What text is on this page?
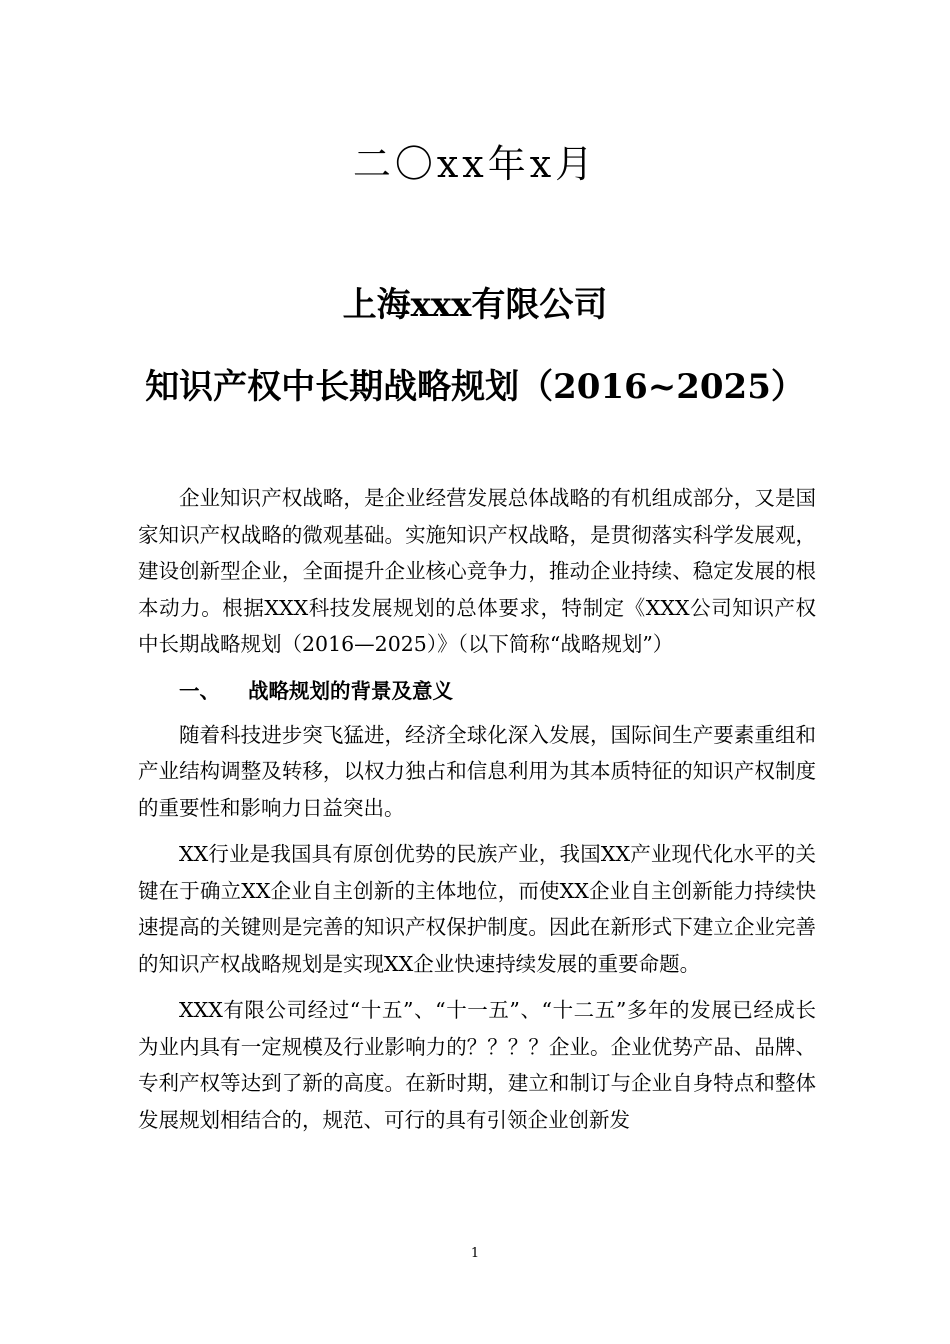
二〇xx年x月
上海xxx有限公司
知识产权中长期战略规划（2016~2025）

企业知识产权战略，是企业经营发展总体战略的有机组成部分，又是国家知识产权战略的微观基础。实施知识产权战略，是贯彻落实科学发展观，建设创新型企业，全面提升企业核心竞争力，推动企业持续、稳定发展的根本动力。根据XXX科技发展规划的总体要求，特制定《XXX公司知识产权中长期战略规划（2016—2025）》（以下简称“战略规划”）

一、 战略规划的背景及意义

随着科技进步突飞猛进，经济全球化深入发展，国际间生产要素重组和产业结构调整及转移，以权力独占和信息利用为其本质特征的知识产权制度的重要性和影响力日益突出。

XX行业是我国具有原创优势的民族产业，我国XX产业现代化水平的关键在于确立XX企业自主创新的主体地位，而使XX企业自主创新能力持续快速提高的关键则是完善的知识产权保护制度。因此在新形式下建立企业完善的知识产权战略规划是实现XX企业快速持续发展的重要命题。

XXX有限公司经过“十五”、“十一五”、“十二五”多年的发展已经成长为业内具有一定规模及行业影响力的？？？？企业。企业优势产品、品牌、专利产权等达到了新的高度。在新时期，建立和制订与企业自身特点和整体发展规划相结合的，规范、可行的具有引领企业创新发

1
